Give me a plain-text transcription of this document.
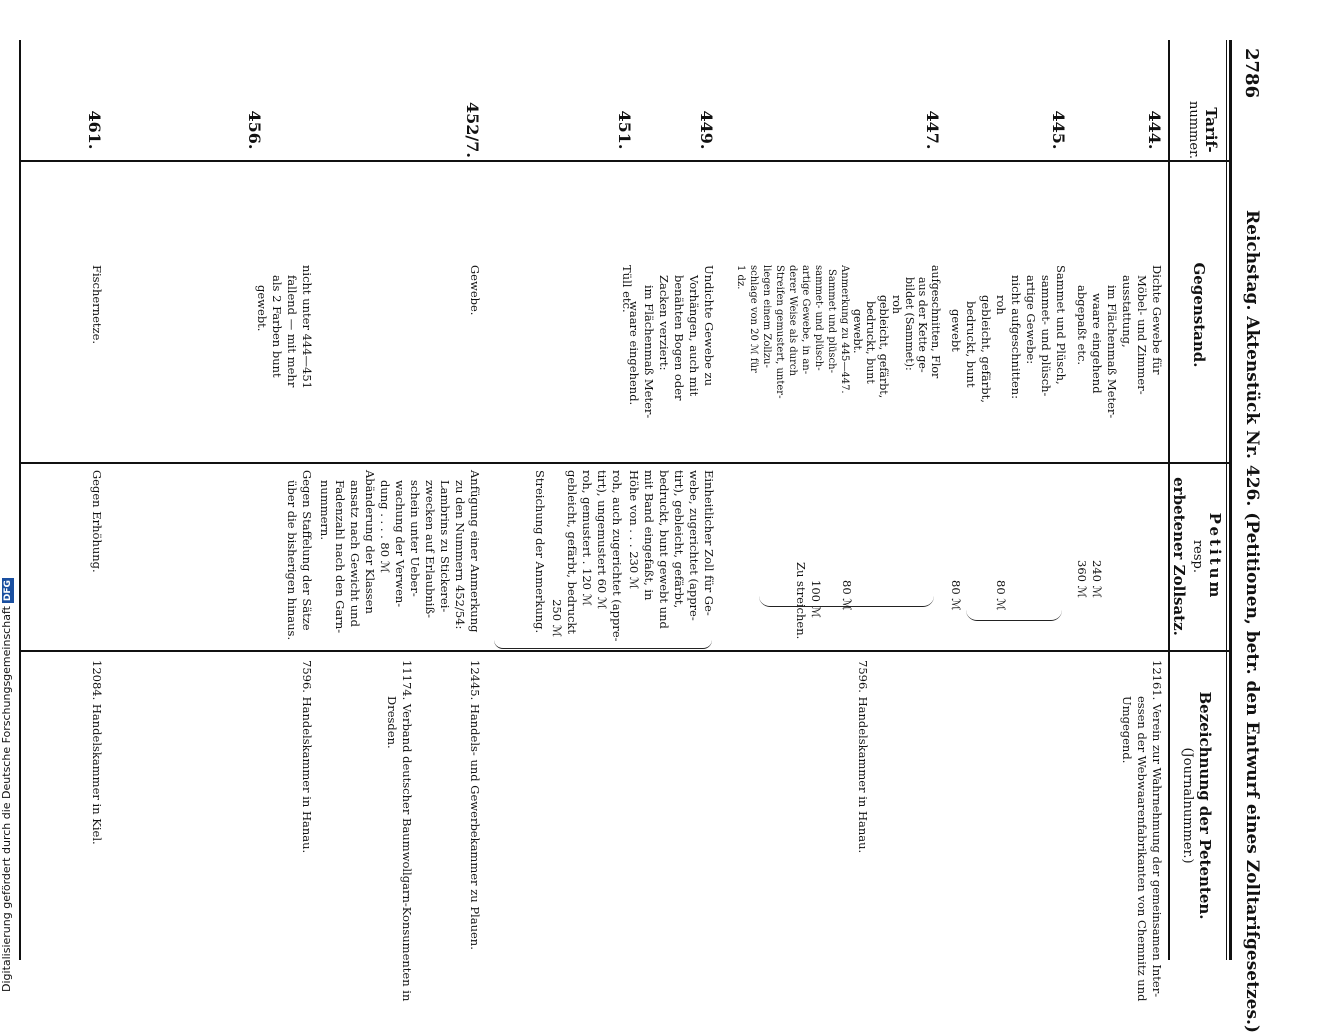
2786
Reichstag. Aktenstück Nr. 426. (Petitionen, betr. den Entwurf eines Zolltarifgesetzes.)
Tarif-
nummer.
Gegenstand.
Petitum
resp.
erbetener Zollsatz.
Bezeichnung der Petenten.
(Journalnummer.)
444.
Dichte Gewebe für
Möbel- und Zimmer-
ausstattung,
im Flächenmaß Meter-
waare eingehend
abgepaßt etc.
240 ℳ
360 ℳ
12161. Verein zur Wahrnehmung der gemeinsamen Inter-
essen der Webwaarenfabrikanten von Chemnitz und
Umgegend.
445.
Sammet und Plüsch,
sammet- und plüsch-
artige Gewebe:
nicht aufgeschnitten:
roh
gebleicht, gefärbt,
bedruckt, bunt
gewebt
80 ℳ
80 ℳ
447.
aufgeschnitten, Flor
aus der Kette ge-
bildet (Sammet):
roh
gebleicht, gefärbt,
bedruckt, bunt
gewebt.
Anmerkung zu 445—447.
Sammet und plüsch-
sammet- und plüsch-
artige Gewebe, in an-
derer Weise als durch
Streifen gemustert, unter-
liegen einem Zollzu-
schlage von 20 ℳ für
1 dz.
80 ℳ
100 ℳ
Zu streichen.
7596. Handelskammer in Hanau.
449.
Undichte Gewebe zu
Vorhängen, auch mit
benähten Bogen oder
Zacken verziert:
im Flächenmaß Meter-
waare eingehend.
Einheitlicher Zoll für Ge-
webe, zugerichtet (appre-
tirt), gebleicht, gefärbt,
bedruckt, bunt gewebt und
mit Band eingefaßt, in
Höhe von . . . 230 ℳ
451.
Tüll etc.
roh, auch zugerichtet (appre-
tirt), ungemustert 60 ℳ
roh, gemustert . 120 ℳ
gebleicht, gefärbt, bedruckt
250 ℳ
Streichung der Anmerkung.
452/7.
Gewebe.
Anfügung einer Anmerkung
zu den Nummern 452/54:
Lambrins zu Stickerei-
zwecken auf Erlaubniß-
schein unter Ueber-
wachung der Verwen-
dung . . . . 80 ℳ
Abänderung der Klassen
ansatz nach Gewicht und
Fadenzahl nach den Garn-
nummern.
12445. Handels- und Gewerbekammer zu Plauen.
11174. Verband deutscher Baumwollgarn-Konsumenten in
Dresden.
456.
nicht unter 444—451
fallend — mit mehr
als 2 Farben bunt
gewebt.
Gegen Staffelung der Sätze
über die bisherigen hinaus.
7596. Handelskammer in Hanau.
461.
Fischernetze.
Gegen Erhöhung.
12084. Handelskammer in Kiel.
Digitalisierung gefördert durch die Deutsche ForschungsgemeinschaftDFG
